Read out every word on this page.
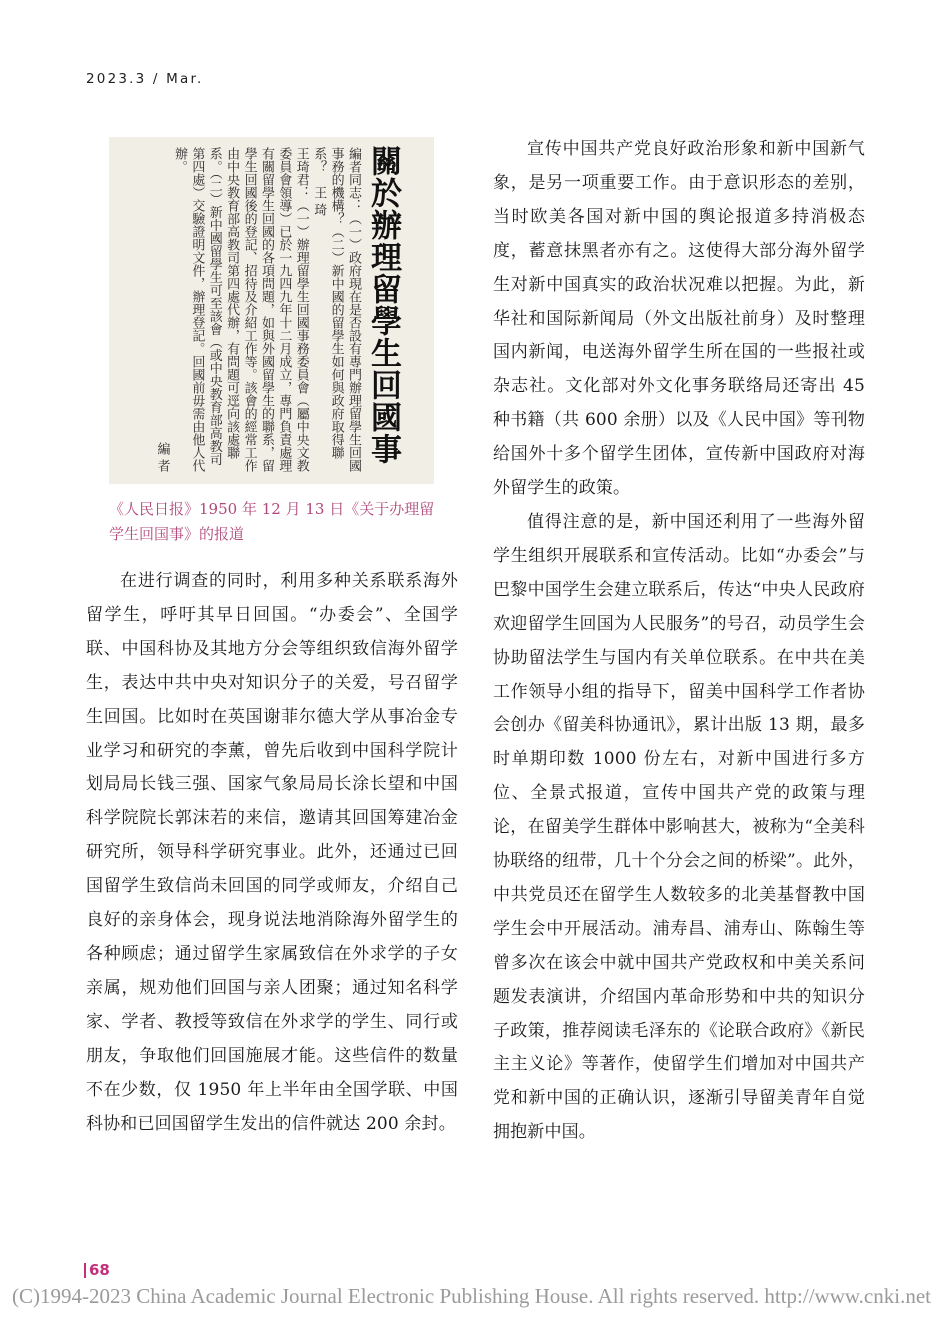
2023.3 / Mar.
關於辦理留學生回國事
編者同志：（一）政府現在是否設有專門辦理留學生回國事務的機構？（二）新中國的留學生如何與政府取得聯系？　王 琦
王琦君：（一）辦理留學生回國事務委員會（屬中央文教委員會領導）已於一九四九年十二月成立，專門負責處理有關留學生回國的各項問題，如與外國留學生的聯系，留學生回國後的登記、招待及介紹工作等。該會的經常工作由中央教育部高教司第四處代辦，有問題可逕向該處聯系。（二）新中國留學生可至該會（或中央教育部高教司第四處）交驗證明文件，辦理登記。回國前毋需由他人代辦。
編 者
《人民日报》1950 年 12 月 13 日《关于办理留学生回国事》的报道

在进行调查的同时，利用多种关系联系海外留学生，呼吁其早日回国。“办委会”、全国学联、中国科协及其地方分会等组织致信海外留学生，表达中共中央对知识分子的关爱，号召留学生回国。比如时在英国谢菲尔德大学从事冶金专业学习和研究的李薰，曾先后收到中国科学院计划局局长钱三强、国家气象局局长涂长望和中国科学院院长郭沫若的来信，邀请其回国筹建冶金研究所，领导科学研究事业。此外，还通过已回国留学生致信尚未回国的同学或师友，介绍自己良好的亲身体会，现身说法地消除海外留学生的各种顾虑；通过留学生家属致信在外求学的子女亲属，规劝他们回国与亲人团聚；通过知名科学家、学者、教授等致信在外求学的学生、同行或朋友，争取他们回国施展才能。这些信件的数量不在少数，仅 1950 年上半年由全国学联、中国科协和已回国留学生发出的信件就达 200 余封。

宣传中国共产党良好政治形象和新中国新气象，是另一项重要工作。由于意识形态的差别，当时欧美各国对新中国的舆论报道多持消极态度，蓄意抹黑者亦有之。这使得大部分海外留学生对新中国真实的政治状况难以把握。为此，新华社和国际新闻局（外文出版社前身）及时整理国内新闻，电送海外留学生所在国的一些报社或杂志社。文化部对外文化事务联络局还寄出 45 种书籍（共 600 余册）以及《人民中国》等刊物给国外十多个留学生团体，宣传新中国政府对海外留学生的政策。

值得注意的是，新中国还利用了一些海外留学生组织开展联系和宣传活动。比如“办委会”与巴黎中国学生会建立联系后，传达“中央人民政府欢迎留学生回国为人民服务”的号召，动员学生会协助留法学生与国内有关单位联系。在中共在美工作领导小组的指导下，留美中国科学工作者协会创办《留美科协通讯》，累计出版 13 期，最多时单期印数 1000 份左右，对新中国进行多方位、全景式报道，宣传中国共产党的政策与理论，在留美学生群体中影响甚大，被称为“全美科协联络的纽带，几十个分会之间的桥梁”。此外，中共党员还在留学生人数较多的北美基督教中国学生会中开展活动。浦寿昌、浦寿山、陈翰生等曾多次在该会中就中国共产党政权和中美关系问题发表演讲，介绍国内革命形势和中共的知识分子政策，推荐阅读毛泽东的《论联合政府》《新民主主义论》等著作，使留学生们增加对中国共产党和新中国的正确认识，逐渐引导留美青年自觉拥抱新中国。

68
(C)1994-2023 China Academic Journal Electronic Publishing House. All rights reserved. http://www.cnki.net
